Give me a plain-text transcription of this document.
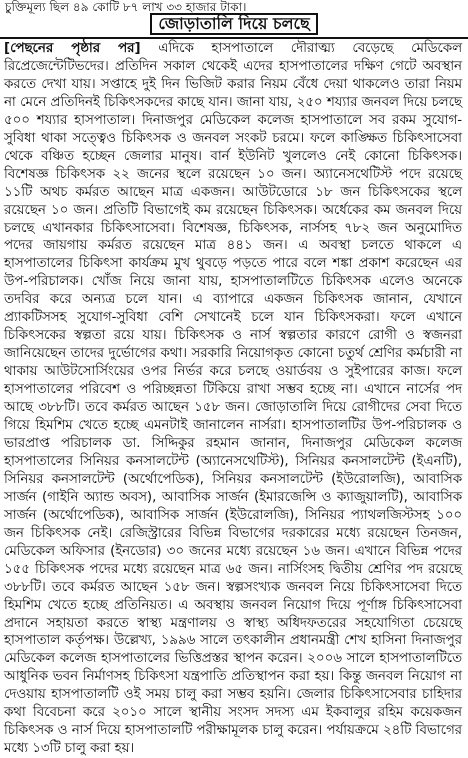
চুক্তিমূল্য ছিল ৪৯ কোটি ৮৭ লাখ ৩৩ হাজার টাকা।
জোড়াতালি দিয়ে চলছে
[পেছনের পৃষ্ঠার পর] এদিকে হাসপাতালে দৌরাত্ম্য বেড়েছে মেডিকেল রিপ্রেজেন্টেটিভদের। প্রতিদিন সকাল থেকেই এদের হাসপাতালের দক্ষিণ গেটে অবস্থান করতে দেখা যায়। সপ্তাহে দুই দিন ভিজিট করার নিয়ম বেঁধে দেয়া থাকলেও তারা নিয়ম না মেনে প্রতিদিনই চিকিৎসকদের কাছে যান। জানা যায়, ২৫০ শয্যার জনবল দিয়ে চলছে ৫০০ শয্যার হাসপাতাল। দিনাজপুর মেডিকেল কলেজ হাসপাতালে সব রকম সুযোগ-সুবিধা থাকা সত্ত্বেও চিকিৎসক ও জনবল সংকট চরমে। ফলে কাঙ্ক্ষিত চিকিৎসাসেবা থেকে বঞ্চিত হচ্ছেন জেলার মানুষ। বার্ন ইউনিট খুললেও নেই কোনো চিকিৎসক। বিশেষজ্ঞ চিকিৎসক ২২ জনের স্থলে রয়েছেন ১০ জন। অ্যানেসথেটিস্ট পদে রয়েছে ১১টি অথচ কর্মরত আছেন মাত্র একজন। আউটডোরে ১৮ জন চিকিৎসকের স্থলে রয়েছেন ১০ জন। প্রতিটি বিভাগেই কম রয়েছেন চিকিৎসক। অর্ধেকের কম জনবল দিয়ে চলছে এখানকার চিকিৎসাসেবা। বিশেষজ্ঞ, চিকিৎসক, নার্সসহ ৭৮২ জন অনুমোদিত পদের জায়গায় কর্মরত রয়েছেন মাত্র ৪৪১ জন। এ অবস্থা চলতে থাকলে এ হাসপাতালের চিকিৎসা কার্যক্রম মুখ থুবড়ে পড়তে পারে বলে শঙ্কা প্রকাশ করেছেন এর উপ-পরিচালক। খোঁজ নিয়ে জানা যায়, হাসপাতালটিতে চিকিৎসক এলেও অনেকে তদবির করে অন্যত্র চলে যান। এ ব্যাপারে একজন চিকিৎসক জানান, যেখানে প্র্যাকটিসসহ সুযোগ-সুবিধা বেশি সেখানেই চলে যান চিকিৎসকরা। ফলে এখানে চিকিৎসকের স্বল্পতা রয়ে যায়। চিকিৎসক ও নার্স স্বল্পতার কারণে রোগী ও স্বজনরা জানিয়েছেন তাদের দুর্ভোগের কথা। সরকারি নিয়োগকৃত কোনো চতুর্থ শ্রেণির কর্মচারী না থাকায় আউটসোর্সিংয়ের ওপর নির্ভর করে চলছে ওয়ার্ডবয় ও সুইপারের কাজ। ফলে হাসপাতালের পরিবেশ ও পরিচ্ছন্নতা টিকিয়ে রাখা সম্ভব হচ্ছে না। এখানে নার্সের পদ আছে ৩৮৮টি। তবে কর্মরত আছেন ১৫৮ জন। জোড়াতালি দিয়ে রোগীদের সেবা দিতে গিয়ে হিমশিম খেতে হচ্ছে এমনটাই জানালেন নার্সরা। হাসপাতালটির উপ-পরিচালক ও ভারপ্রাপ্ত পরিচালক ডা. সিদ্দিকুর রহমান জানান, দিনাজপুর মেডিকেল কলেজ হাসপাতালের সিনিয়র কনসালটেন্ট (অ্যানেসথেটিস্ট), সিনিয়র কনসালটেন্ট (ইএনটি), সিনিয়র কনসালটেন্ট (অর্থোপেডিক), সিনিয়র কনসালটেন্ট (ইউরোলজি), আবাসিক সার্জন (গাইনি অ্যান্ড অবস), আবাসিক সার্জন (ইমারজেন্সি ও ক্যাজুয়ালটি), আবাসিক সার্জন (অর্থোপেডিক), আবাসিক সার্জন (ইউরোলজি), সিনিয়র প্যাথলজিস্টসহ ১০০ জন চিকিৎসক নেই। রেজিস্ট্রারের বিভিন্ন বিভাগের দরকারের মধ্যে রয়েছেন তিনজন, মেডিকেল অফিসার (ইনডোর) ৩০ জনের মধ্যে রয়েছেন ১৬ জন। এখানে বিভিন্ন পদের ১৫৫ চিকিৎসক পদের মধ্যে রয়েছেন মাত্র ৬৫ জন। নার্সিংসহ দ্বিতীয় শ্রেণির পদ রয়েছে ৩৮৮টি। তবে কর্মরত আছেন ১৫৮ জন। স্বল্পসংখ্যক জনবল নিয়ে চিকিৎসাসেবা দিতে হিমশিম খেতে হচ্ছে প্রতিনিয়ত। এ অবস্থায় জনবল নিয়োগ দিয়ে পূর্ণাঙ্গ চিকিৎসাসেবা প্রদানে সহায়তা করতে স্বাস্থ্য মন্ত্রণালয় ও স্বাস্থ্য অধিদফতরের সহযোগিতা চেয়েছে হাসপাতাল কর্তৃপক্ষ। উল্লেখ্য, ১৯৯৬ সালে তৎকালীন প্রধানমন্ত্রী শেখ হাসিনা দিনাজপুর মেডিকেল কলেজ হাসপাতালের ভিত্তিপ্রস্তর স্থাপন করেন। ২০০৬ সালে হাসপাতালটিতে আধুনিক ভবন নির্মাণসহ চিকিৎসা যন্ত্রপাতি প্রতিস্থাপন করা হয়। কিন্তু জনবল নিয়োগ না দেওয়ায় হাসপাতালটি ওই সময় চালু করা সম্ভব হয়নি। জেলার চিকিৎসাসেবার চাহিদার কথা বিবেচনা করে ২০১০ সালে স্থানীয় সংসদ সদস্য এম ইকবালুর রহিম কয়েকজন চিকিৎসক ও নার্স দিয়ে হাসপাতালটি পরীক্ষামূলক চালু করেন। পর্যায়ক্রমে ২৪টি বিভাগের মধ্যে ১৩টি চালু করা হয়।
